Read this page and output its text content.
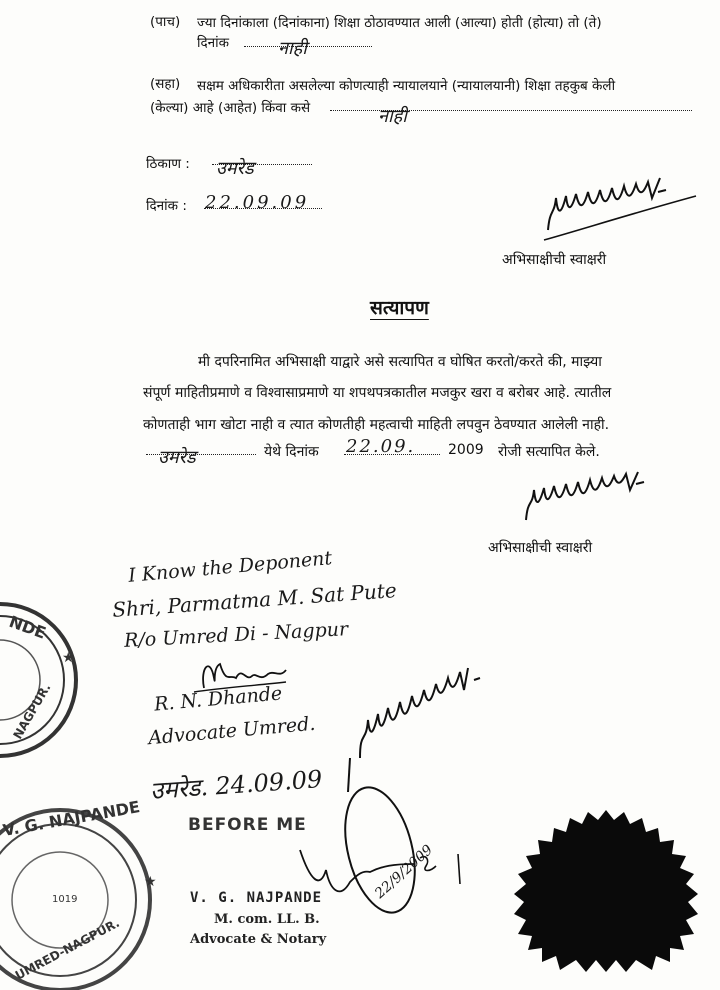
(पाच) ज्या दिनांकाला (दिनांकाना) शिक्षा ठोठावण्यात आली (आल्या) होती (होत्या) तो (ते)
दिनांक	नाही
(सहा) सक्षम अधिकारीता असलेल्या कोणत्याही न्यायालयाने (न्यायालयानी) शिक्षा तहकुब केली
(केल्या) आहे (आहेत) किंवा कसे	नाही
ठिकाण : उमरेड
दिनांक : 22.09.09
अभिसाक्षीची स्वाक्षरी
सत्यापण
मी दपरिनामित अभिसाक्षी याद्वारे असे सत्यापित व घोषित करतो/करते की, माझ्या
संपूर्ण माहितीप्रमाणे व विश्वासाप्रमाणे या शपथपत्रकातील मजकुर खरा व बरोबर आहे. त्यातील
कोणताही भाग खोटा नाही व त्यात कोणतीही महत्वाची माहिती लपवुन ठेवण्यात आलेली नाही.
उमरेड	येथे दिनांक 22.09. 2009 रोजी सत्यापित केले.
अभिसाक्षीची स्वाक्षरी
I Know the Deponent
Shri, Parmatma M. Sat Pute
R/o Umred Di - Nagpur
R. N. Dhande
Advocate Umred.
उमरेड. 24.09.09
BEFORE ME
V. G. NAJPANDE
M. com. LL. B.
Advocate & Notary
22/9/2009
NDE
NAGPUR.
★
V. G. NAJPANDE
UMRED-NAGPUR.
1019
★
